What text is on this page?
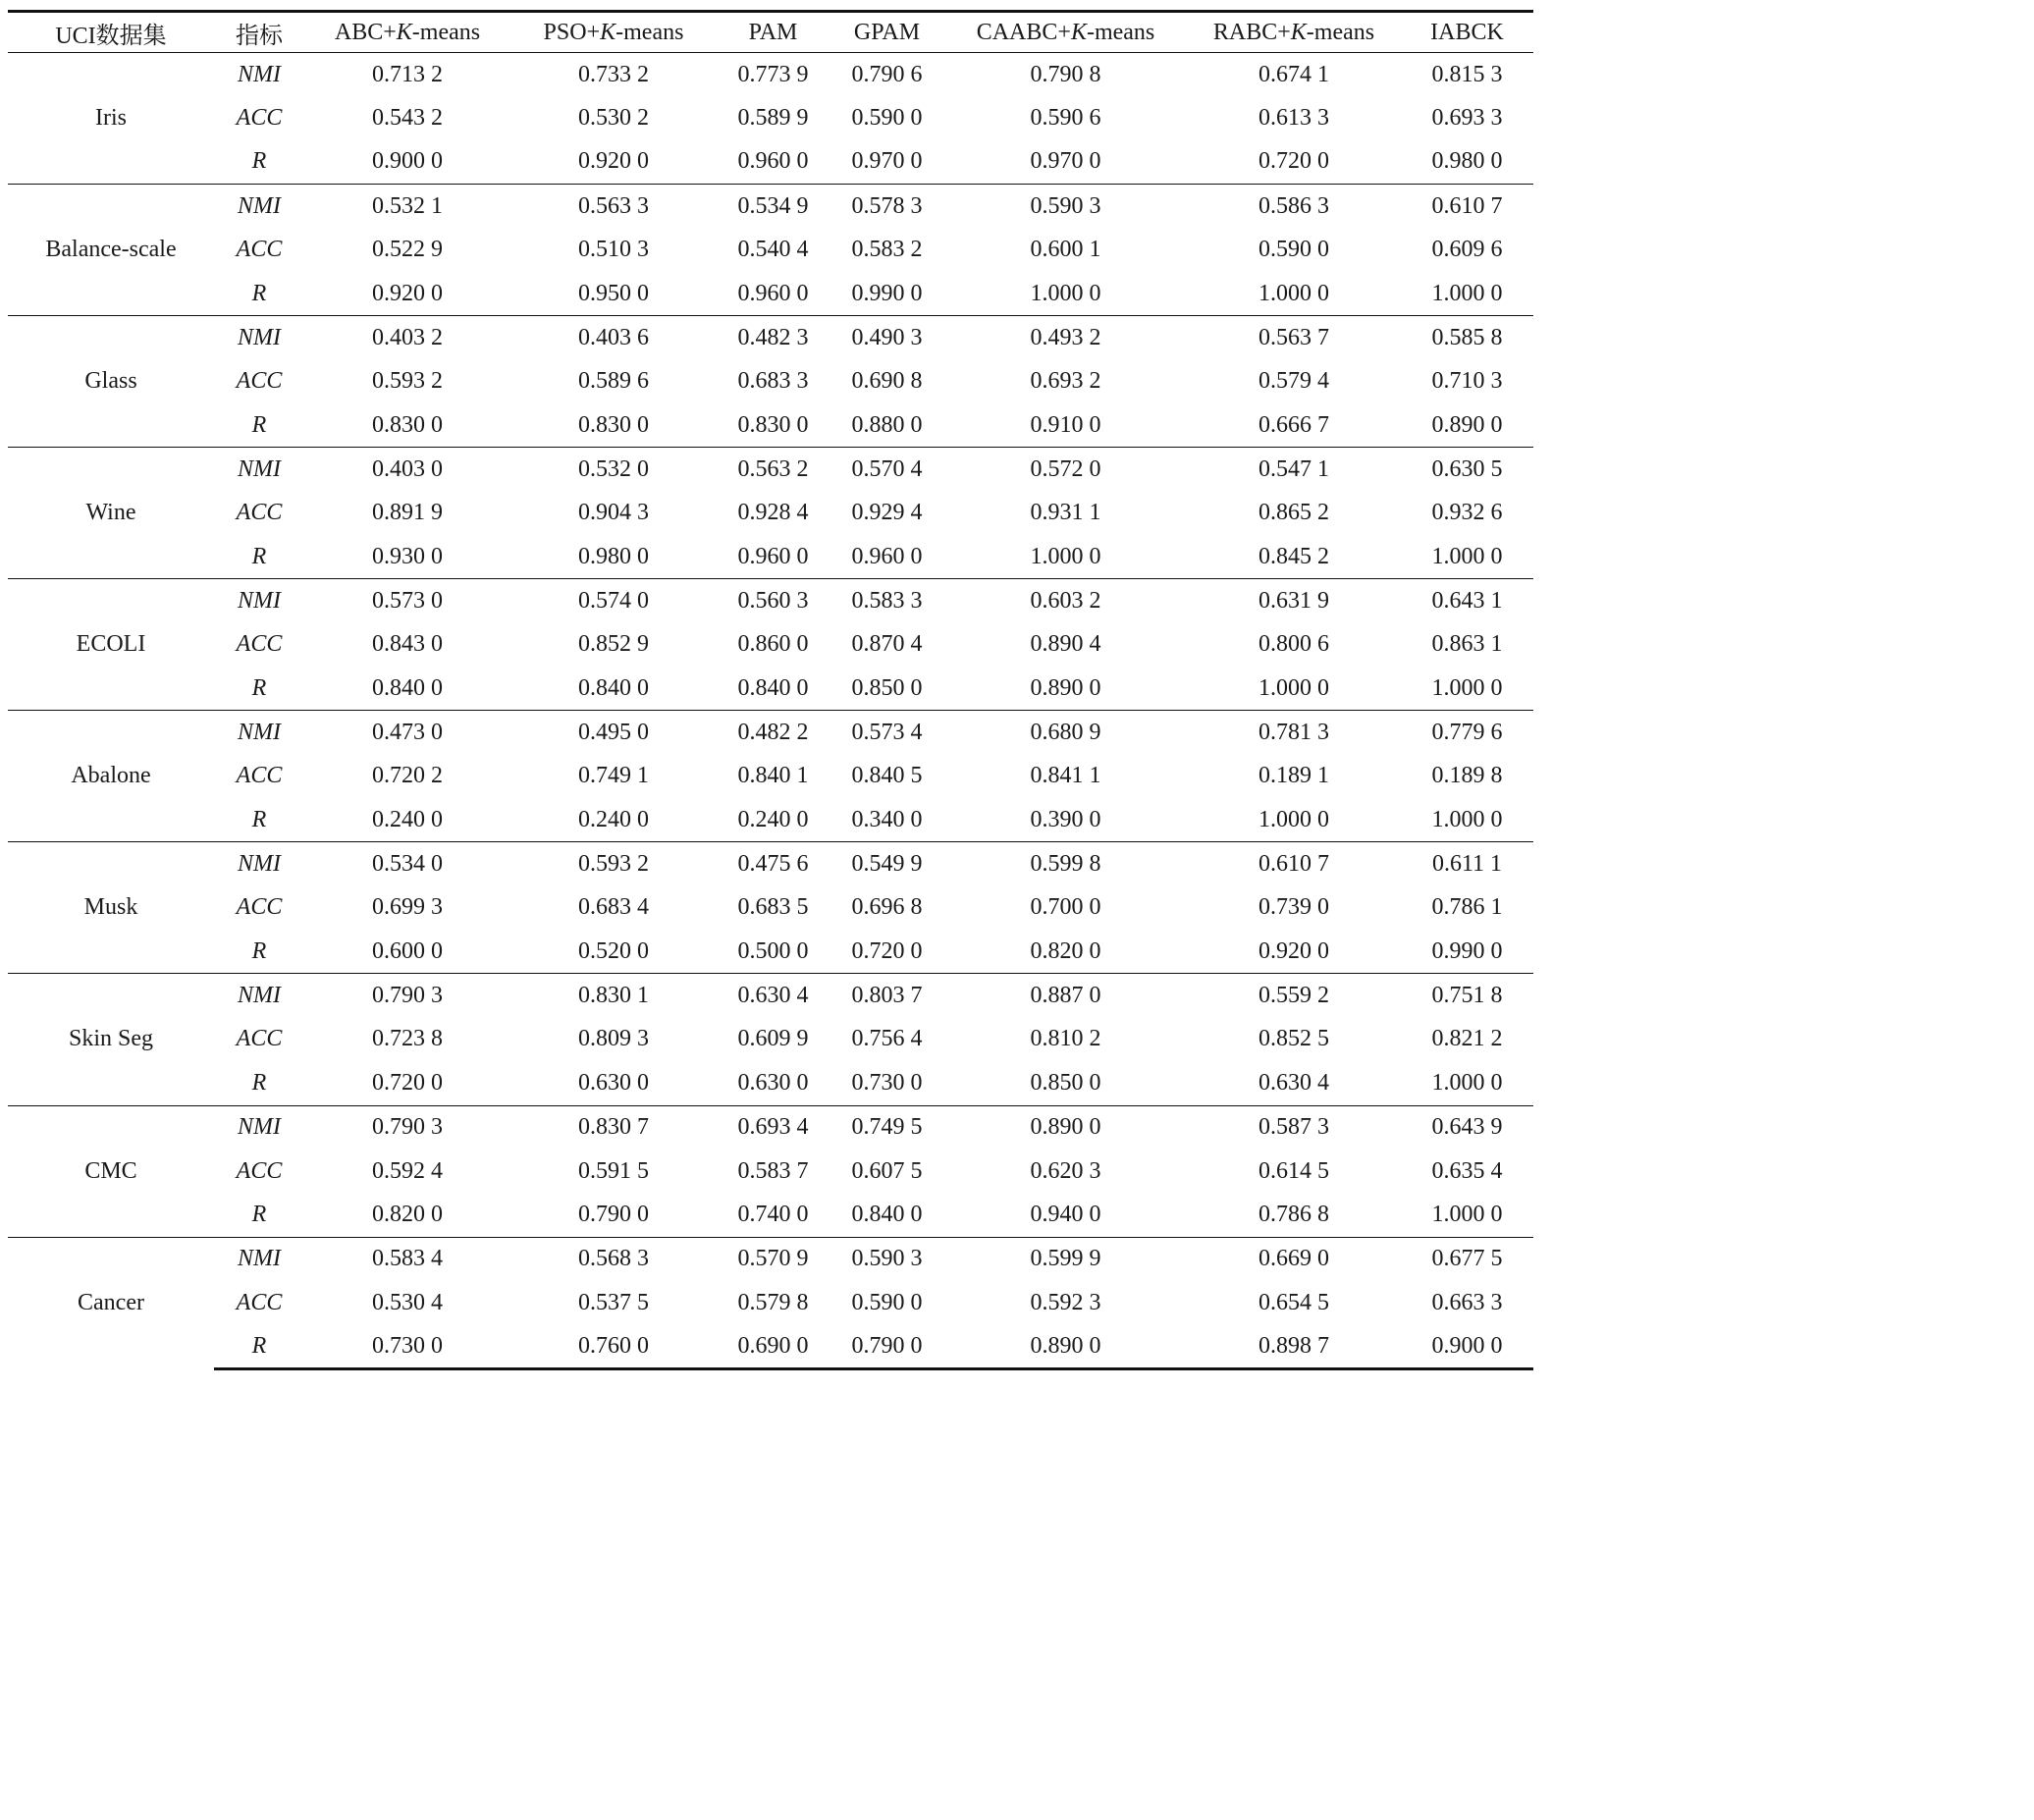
UCI数据集	指标	ABC+K-means	PSO+K-means	PAM	GPAM	CAABC+K-means	RABC+K-means	IABCK
Iris	NMI	0.713 2	0.733 2	0.773 9	0.790 6	0.790 8	0.674 1	0.815 3
	ACC	0.543 2	0.530 2	0.589 9	0.590 0	0.590 6	0.613 3	0.693 3
	R	0.900 0	0.920 0	0.960 0	0.970 0	0.970 0	0.720 0	0.980 0
Balance-scale	NMI	0.532 1	0.563 3	0.534 9	0.578 3	0.590 3	0.586 3	0.610 7
	ACC	0.522 9	0.510 3	0.540 4	0.583 2	0.600 1	0.590 0	0.609 6
	R	0.920 0	0.950 0	0.960 0	0.990 0	1.000 0	1.000 0	1.000 0
Glass	NMI	0.403 2	0.403 6	0.482 3	0.490 3	0.493 2	0.563 7	0.585 8
	ACC	0.593 2	0.589 6	0.683 3	0.690 8	0.693 2	0.579 4	0.710 3
	R	0.830 0	0.830 0	0.830 0	0.880 0	0.910 0	0.666 7	0.890 0
Wine	NMI	0.403 0	0.532 0	0.563 2	0.570 4	0.572 0	0.547 1	0.630 5
	ACC	0.891 9	0.904 3	0.928 4	0.929 4	0.931 1	0.865 2	0.932 6
	R	0.930 0	0.980 0	0.960 0	0.960 0	1.000 0	0.845 2	1.000 0
ECOLI	NMI	0.573 0	0.574 0	0.560 3	0.583 3	0.603 2	0.631 9	0.643 1
	ACC	0.843 0	0.852 9	0.860 0	0.870 4	0.890 4	0.800 6	0.863 1
	R	0.840 0	0.840 0	0.840 0	0.850 0	0.890 0	1.000 0	1.000 0
Abalone	NMI	0.473 0	0.495 0	0.482 2	0.573 4	0.680 9	0.781 3	0.779 6
	ACC	0.720 2	0.749 1	0.840 1	0.840 5	0.841 1	0.189 1	0.189 8
	R	0.240 0	0.240 0	0.240 0	0.340 0	0.390 0	1.000 0	1.000 0
Musk	NMI	0.534 0	0.593 2	0.475 6	0.549 9	0.599 8	0.610 7	0.611 1
	ACC	0.699 3	0.683 4	0.683 5	0.696 8	0.700 0	0.739 0	0.786 1
	R	0.600 0	0.520 0	0.500 0	0.720 0	0.820 0	0.920 0	0.990 0
Skin Seg	NMI	0.790 3	0.830 1	0.630 4	0.803 7	0.887 0	0.559 2	0.751 8
	ACC	0.723 8	0.809 3	0.609 9	0.756 4	0.810 2	0.852 5	0.821 2
	R	0.720 0	0.630 0	0.630 0	0.730 0	0.850 0	0.630 4	1.000 0
CMC	NMI	0.790 3	0.830 7	0.693 4	0.749 5	0.890 0	0.587 3	0.643 9
	ACC	0.592 4	0.591 5	0.583 7	0.607 5	0.620 3	0.614 5	0.635 4
	R	0.820 0	0.790 0	0.740 0	0.840 0	0.940 0	0.786 8	1.000 0
Cancer	NMI	0.583 4	0.568 3	0.570 9	0.590 3	0.599 9	0.669 0	0.677 5
	ACC	0.530 4	0.537 5	0.579 8	0.590 0	0.592 3	0.654 5	0.663 3
	R	0.730 0	0.760 0	0.690 0	0.790 0	0.890 0	0.898 7	0.900 0
